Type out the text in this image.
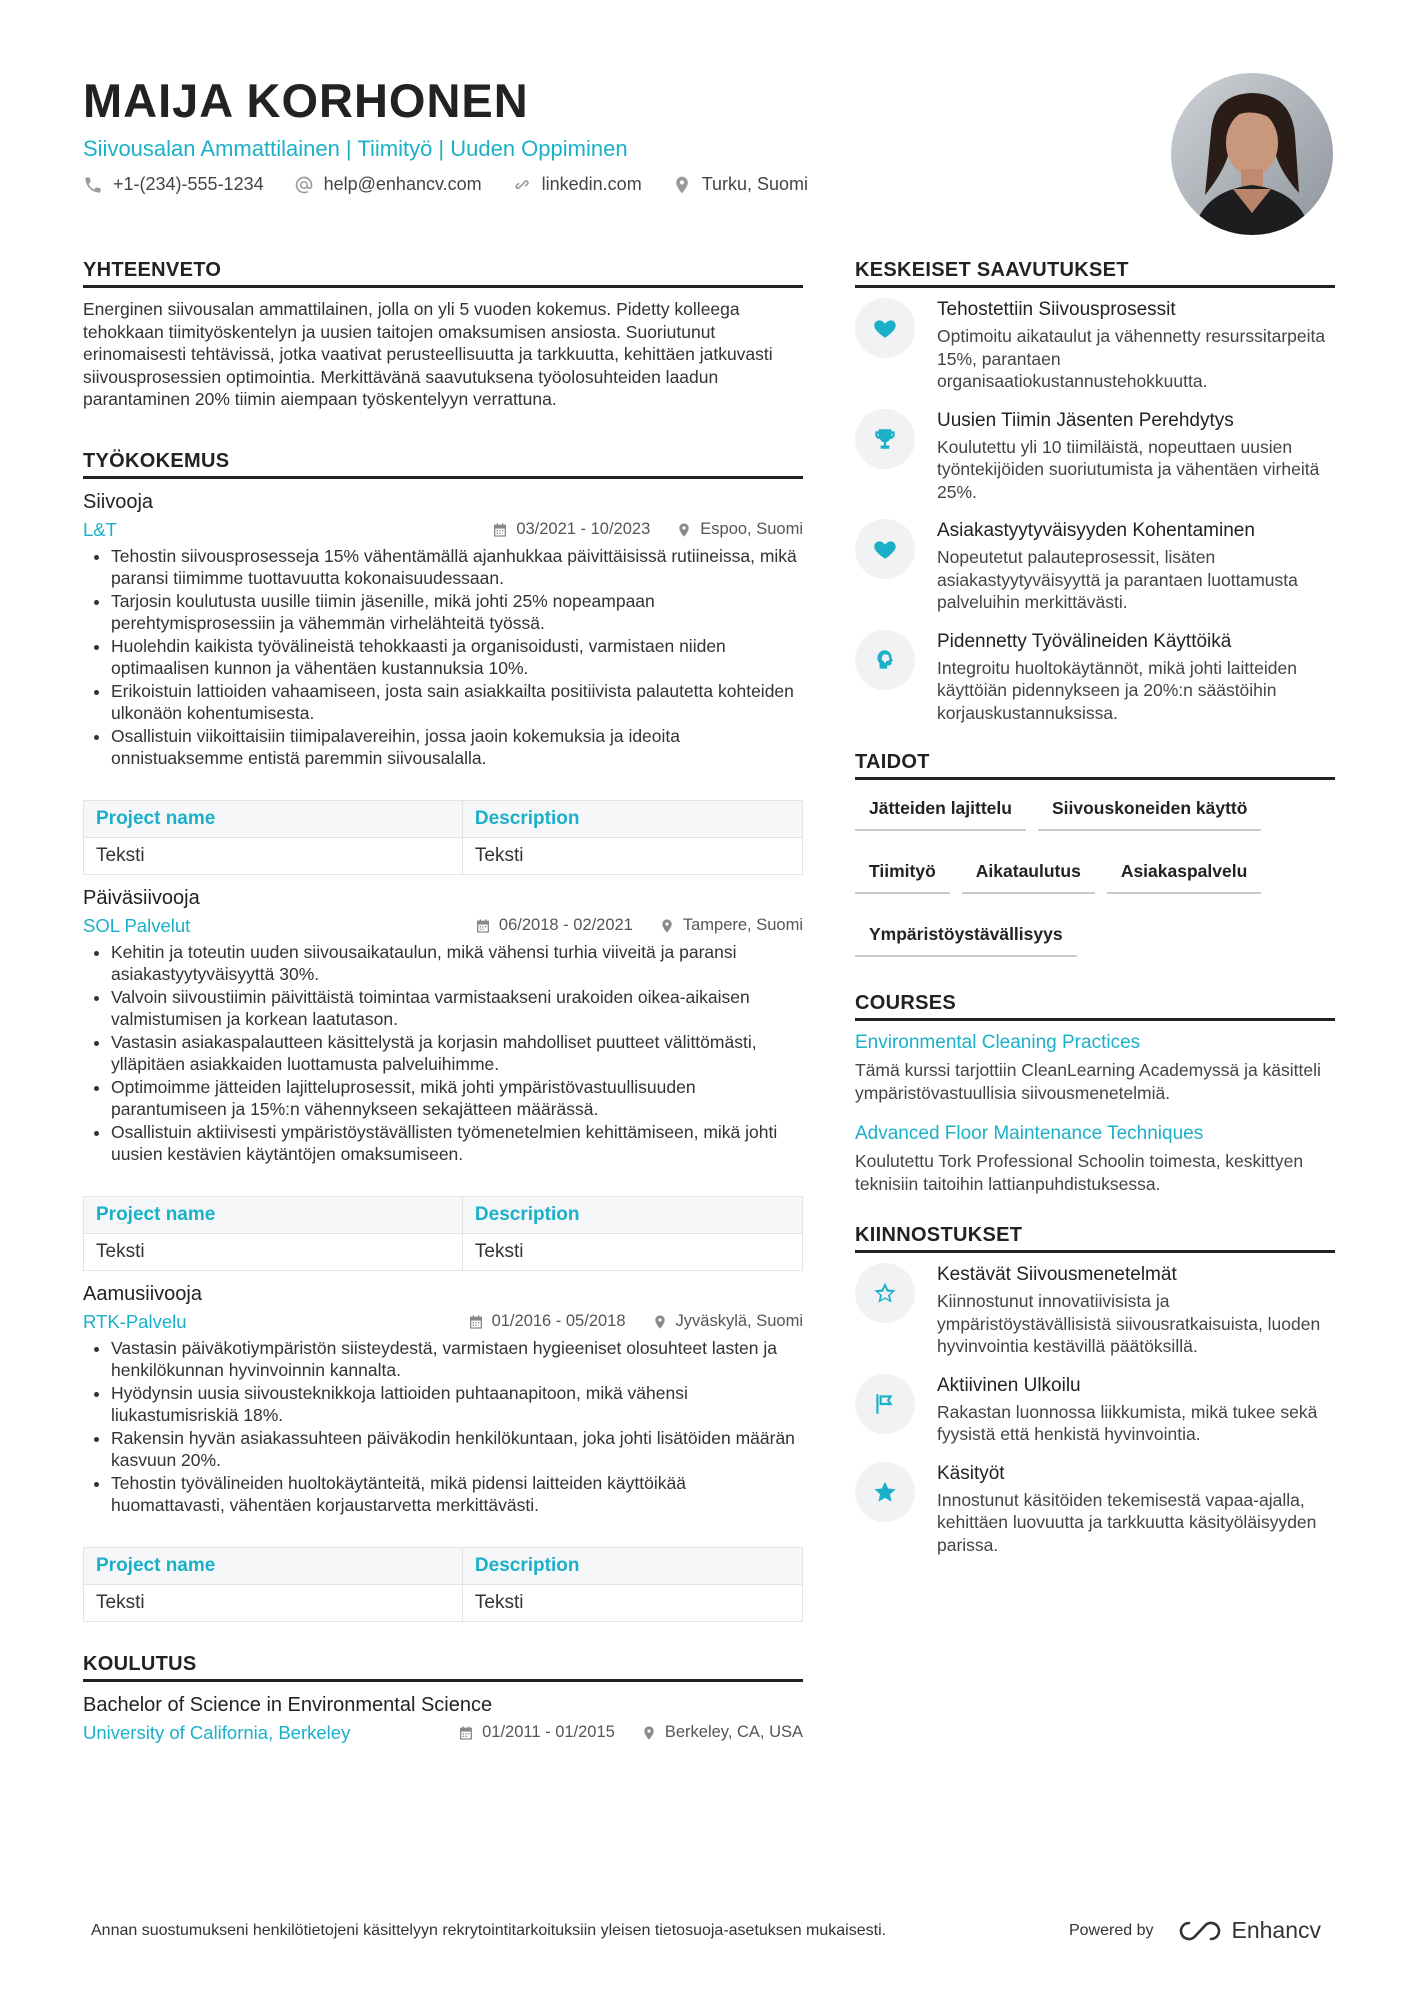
MAIJA KORHONEN
Siivousalan Ammattilainen | Tiimityö | Uuden Oppiminen
+1-(234)-555-1234	help@enhancv.com	linkedin.com	Turku, Suomi
YHTEENVETO

Energinen siivousalan ammattilainen, jolla on yli 5 vuoden kokemus. Pidetty kolleega tehokkaan tiimityöskentelyn ja uusien taitojen omaksumisen ansiosta. Suoriutunut erinomaisesti tehtävissä, jotka vaativat perusteellisuutta ja tarkkuutta, kehittäen jatkuvasti siivousprosessien optimointia. Merkittävänä saavutuksena työolosuhteiden laadun parantaminen 20% tiimin aiempaan työskentelyyn verrattuna.

TYÖKOKEMUS
Siivooja
L&T	03/2021 - 10/2023	Espoo, Suomi
• Tehostin siivousprosesseja 15% vähentämällä ajanhukkaa päivittäisissä rutiineissa, mikä paransi tiimimme tuottavuutta kokonaisuudessaan.
• Tarjosin koulutusta uusille tiimin jäsenille, mikä johti 25% nopeampaan perehtymisprosessiin ja vähemmän virhelähteitä työssä.
• Huolehdin kaikista työvälineistä tehokkaasti ja organisoidusti, varmistaen niiden optimaalisen kunnon ja vähentäen kustannuksia 10%.
• Erikoistuin lattioiden vahaamiseen, josta sain asiakkailta positiivista palautetta kohteiden ulkonäön kohentumisesta.
• Osallistuin viikoittaisiin tiimipalavereihin, jossa jaoin kokemuksia ja ideoita onnistuaksemme entistä paremmin siivousalalla.
Project name	Description
Teksti	Teksti
Päiväsiivooja
SOL Palvelut	06/2018 - 02/2021	Tampere, Suomi
• Kehitin ja toteutin uuden siivousaikataulun, mikä vähensi turhia viiveitä ja paransi asiakastyytyväisyyttä 30%.
• Valvoin siivoustiimin päivittäistä toimintaa varmistaakseni urakoiden oikea-aikaisen valmistumisen ja korkean laatutason.
• Vastasin asiakaspalautteen käsittelystä ja korjasin mahdolliset puutteet välittömästi, ylläpitäen asiakkaiden luottamusta palveluihimme.
• Optimoimme jätteiden lajitteluprosessit, mikä johti ympäristövastuullisuuden parantumiseen ja 15%:n vähennykseen sekajätteen määrässä.
• Osallistuin aktiivisesti ympäristöystävällisten työmenetelmien kehittämiseen, mikä johti uusien kestävien käytäntöjen omaksumiseen.
Project name	Description
Teksti	Teksti
Aamusiivooja
RTK-Palvelu	01/2016 - 05/2018	Jyväskylä, Suomi
• Vastasin päiväkotiympäristön siisteydestä, varmistaen hygieeniset olosuhteet lasten ja henkilökunnan hyvinvoinnin kannalta.
• Hyödynsin uusia siivousteknikkoja lattioiden puhtaanapitoon, mikä vähensi liukastumisriskiä 18%.
• Rakensin hyvän asiakassuhteen päiväkodin henkilökuntaan, joka johti lisätöiden määrän kasvuun 20%.
• Tehostin työvälineiden huoltokäytänteitä, mikä pidensi laitteiden käyttöikää huomattavasti, vähentäen korjaustarvetta merkittävästi.
Project name	Description
Teksti	Teksti
KOULUTUS
Bachelor of Science in Environmental Science
University of California, Berkeley	01/2011 - 01/2015	Berkeley, CA, USA
KESKEISET SAAVUTUKSET
Tehostettiin Siivousprosessit
Optimoitu aikataulut ja vähennetty resurssitarpeita 15%, parantaen organisaatiokustannustehokkuutta.
Uusien Tiimin Jäsenten Perehdytys
Koulutettu yli 10 tiimiläistä, nopeuttaen uusien työntekijöiden suoriutumista ja vähentäen virheitä 25%.
Asiakastyytyväisyyden Kohentaminen
Nopeutetut palauteprosessit, lisäten asiakastyytyväisyyttä ja parantaen luottamusta palveluihin merkittävästi.
Pidennetty Työvälineiden Käyttöikä
Integroitu huoltokäytännöt, mikä johti laitteiden käyttöiän pidennykseen ja 20%:n säästöihin korjauskustannuksissa.
TAIDOT
Jätteiden lajittelu	Siivouskoneiden käyttö
Tiimityö	Aikataulutus	Asiakaspalvelu
Ympäristöystävällisyys
COURSES
Environmental Cleaning Practices
Tämä kurssi tarjottiin CleanLearning Academyssä ja käsitteli ympäristövastuullisia siivousmenetelmiä.
Advanced Floor Maintenance Techniques
Koulutettu Tork Professional Schoolin toimesta, keskittyen teknisiin taitoihin lattianpuhdistuksessa.
KIINNOSTUKSET
Kestävät Siivousmenetelmät
Kiinnostunut innovatiivisista ja ympäristöystävällisistä siivousratkaisuista, luoden hyvinvointia kestävillä päätöksillä.
Aktiivinen Ulkoilu
Rakastan luonnossa liikkumista, mikä tukee sekä fyysistä että henkistä hyvinvointia.
Käsityöt
Innostunut käsitöiden tekemisestä vapaa-ajalla, kehittäen luovuutta ja tarkkuutta käsityöläisyyden parissa.
Annan suostumukseni henkilötietojeni käsittelyyn rekrytointitarkoituksiin yleisen tietosuoja-asetuksen mukaisesti.	Powered by	Enhancv
